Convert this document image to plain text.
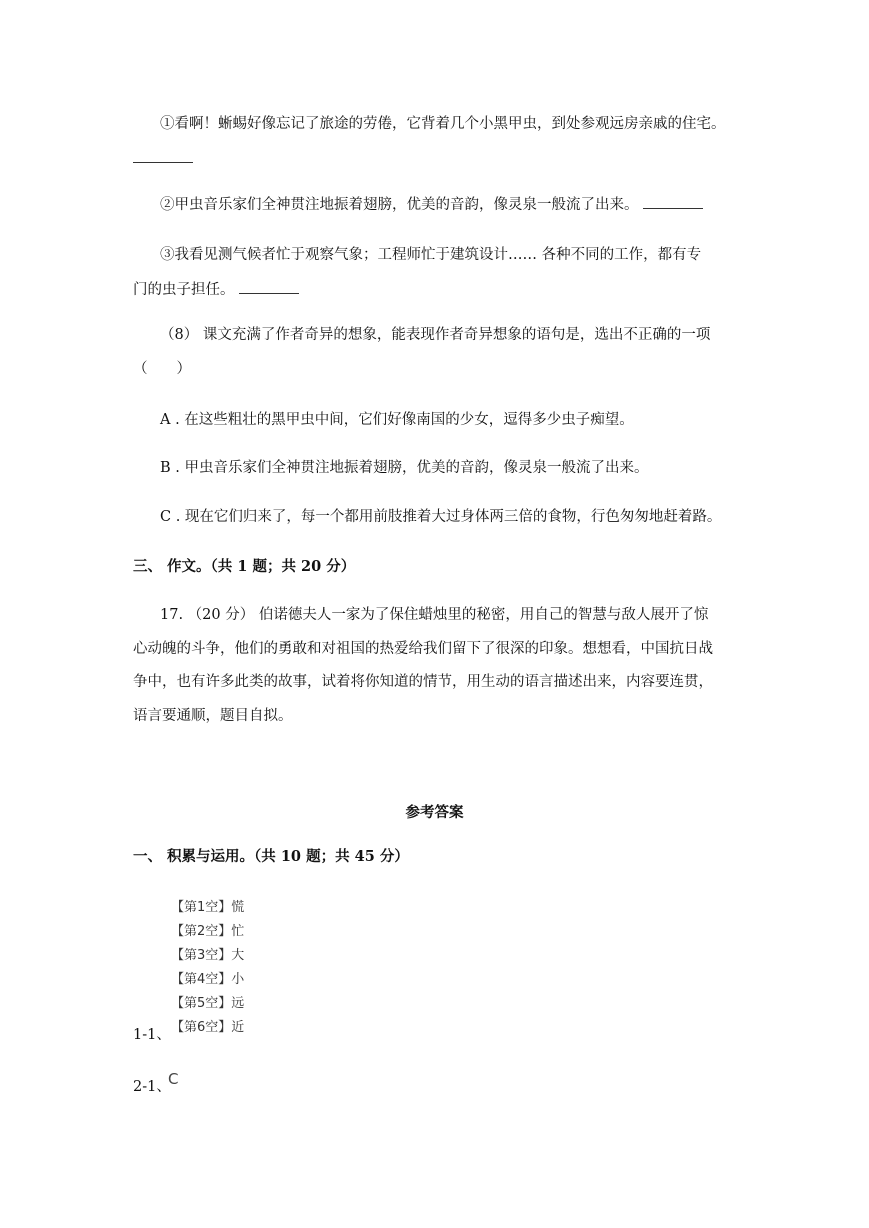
①看啊！蜥蜴好像忘记了旅途的劳倦，它背着几个小黑甲虫，到处参观远房亲戚的住宅。
②甲虫音乐家们全神贯注地振着翅膀，优美的音韵，像灵泉一般流了出来。
③我看见测气候者忙于观察气象；工程师忙于建筑设计…… 各种不同的工作，都有专
门的虫子担任。
（8） 课文充满了作者奇异的想象，能表现作者奇异想象的语句是，选出不正确的一项
（　　）
A . 在这些粗壮的黑甲虫中间，它们好像南国的少女，逗得多少虫子痴望。
B . 甲虫音乐家们全神贯注地振着翅膀，优美的音韵，像灵泉一般流了出来。
C . 现在它们归来了，每一个都用前肢推着大过身体两三倍的食物，行色匆匆地赶着路。
三、 作文。（共 1 题；共 20 分）
17. （20 分） 伯诺德夫人一家为了保住蜡烛里的秘密，用自己的智慧与敌人展开了惊
心动魄的斗争，他们的勇敢和对祖国的热爱给我们留下了很深的印象。想想看，中国抗日战
争中，也有许多此类的故事，试着将你知道的情节，用生动的语言描述出来，内容要连贯，
语言要通顺，题目自拟。
参考答案
一、 积累与运用。（共 10 题；共 45 分）
【第1空】慌
【第2空】忙
【第3空】大
【第4空】小
【第5空】远
【第6空】近
1-1、
2-1、
C
